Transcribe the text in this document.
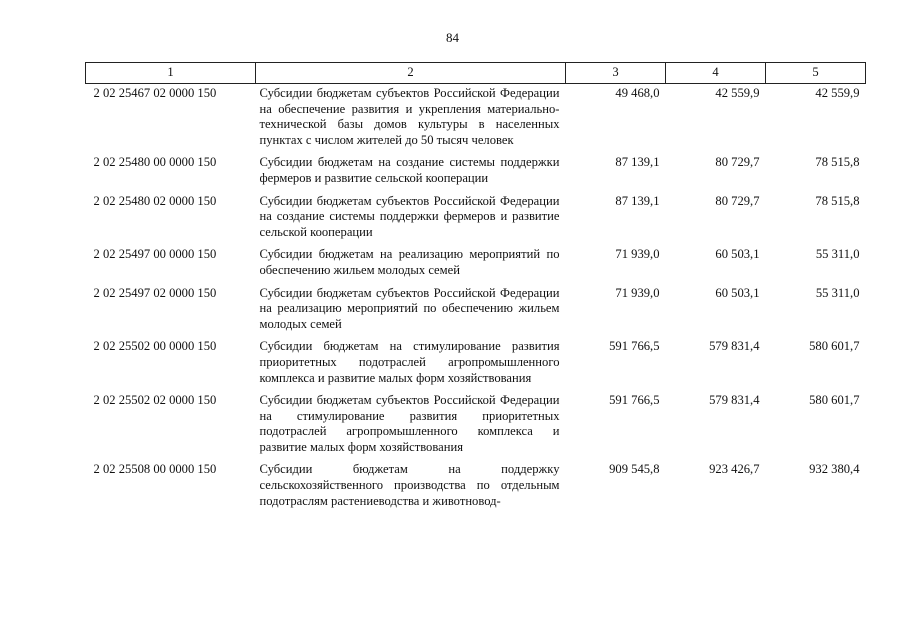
84
1	2	3	4	5
2 02 25467 02 0000 150	Субсидии бюджетам субъектов Российской Федерации на обеспечение развития и укрепления материально-технической базы домов культуры в населенных пунктах с числом жителей до 50 тысяч человек	49 468,0	42 559,9	42 559,9
2 02 25480 00 0000 150	Субсидии бюджетам на создание системы поддержки фермеров и развитие сельской кооперации	87 139,1	80 729,7	78 515,8
2 02 25480 02 0000 150	Субсидии бюджетам субъектов Российской Федерации на создание системы поддержки фермеров и развитие сельской кооперации	87 139,1	80 729,7	78 515,8
2 02 25497 00 0000 150	Субсидии бюджетам на реализацию мероприятий по обеспечению жильем молодых семей	71 939,0	60 503,1	55 311,0
2 02 25497 02 0000 150	Субсидии бюджетам субъектов Российской Федерации на реализацию мероприятий по обеспечению жильем молодых семей	71 939,0	60 503,1	55 311,0
2 02 25502 00 0000 150	Субсидии бюджетам на стимулирование развития приоритетных подотраслей агропромышленного комплекса и развитие малых форм хозяйствования	591 766,5	579 831,4	580 601,7
2 02 25502 02 0000 150	Субсидии бюджетам субъектов Российской Федерации на стимулирование развития приоритетных подотраслей агропромышленного комплекса и развитие малых форм хозяйствования	591 766,5	579 831,4	580 601,7
2 02 25508 00 0000 150	Субсидии бюджетам на поддержку сельскохозяйственного производства по отдельным подотраслям растениеводства и животновод-	909 545,8	923 426,7	932 380,4
